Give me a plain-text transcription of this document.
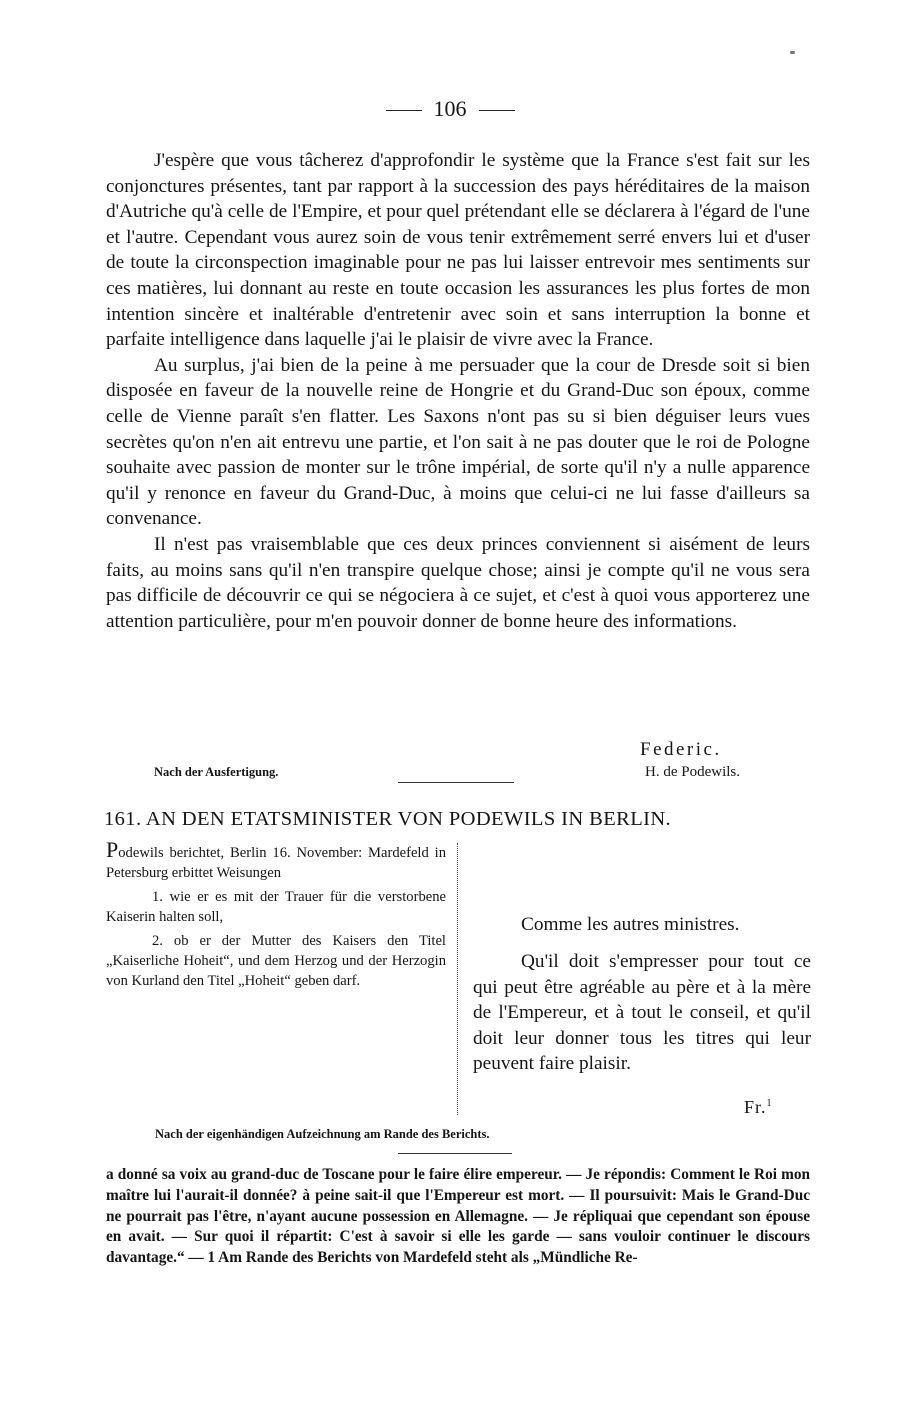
106

J'espère que vous tâcherez d'approfondir le système que la France s'est fait sur les conjonctures présentes, tant par rapport à la succession des pays héréditaires de la maison d'Autriche qu'à celle de l'Empire, et pour quel prétendant elle se déclarera à l'égard de l'une et l'autre. Cependant vous aurez soin de vous tenir extrêmement serré envers lui et d'user de toute la circonspection imaginable pour ne pas lui laisser entrevoir mes sentiments sur ces matières, lui donnant au reste en toute occasion les assurances les plus fortes de mon intention sincère et inaltérable d'entretenir avec soin et sans interruption la bonne et parfaite intelligence dans laquelle j'ai le plaisir de vivre avec la France.

Au surplus, j'ai bien de la peine à me persuader que la cour de Dresde soit si bien disposée en faveur de la nouvelle reine de Hongrie et du Grand-Duc son époux, comme celle de Vienne paraît s'en flatter. Les Saxons n'ont pas su si bien déguiser leurs vues secrètes qu'on n'en ait entrevu une partie, et l'on sait à ne pas douter que le roi de Pologne souhaite avec passion de monter sur le trône impérial, de sorte qu'il n'y a nulle apparence qu'il y renonce en faveur du Grand-Duc, à moins que celui-ci ne lui fasse d'ailleurs sa convenance.

Il n'est pas vraisemblable que ces deux princes conviennent si aisément de leurs faits, au moins sans qu'il n'en transpire quelque chose; ainsi je compte qu'il ne vous sera pas difficile de découvrir ce qui se négociera à ce sujet, et c'est à quoi vous apporterez une attention particulière, pour m'en pouvoir donner de bonne heure des informations.

Federic.
Nach der Ausfertigung.	H. de Podewils.
161. AN DEN ETATSMINISTER VON PODEWILS IN BERLIN.

Podewils berichtet, Berlin 16. November: Mardefeld in Petersburg erbittet Weisungen

1. wie er es mit der Trauer für die verstorbene Kaiserin halten soll,

2. ob er der Mutter des Kaisers den Titel „Kaiserliche Hoheit“, und dem Herzog und der Herzogin von Kurland den Titel „Hoheit“ geben darf.

Comme les autres ministres.

Qu'il doit s'empresser pour tout ce qui peut être agréable au père et à la mère de l'Empereur, et à tout le conseil, et qu'il doit leur donner tous les titres qui leur peuvent faire plaisir.

Fr.$^1$
Nach der eigenhändigen Aufzeichnung am Rande des Berichts.
a donné sa voix au grand-duc de Toscane pour le faire élire empereur. — Je répondis: Comment le Roi mon maître lui l'aurait-il donnée? à peine sait-il que l'Empereur est mort. — Il poursuivit: Mais le Grand-Duc ne pourrait pas l'être, n'ayant aucune possession en Allemagne. — Je répliquai que cependant son épouse en avait. — Sur quoi il répartit: C'est à savoir si elle les garde — sans vouloir continuer le discours davantage.“ — 1 Am Rande des Berichts von Mardefeld steht als „Mündliche Re-
